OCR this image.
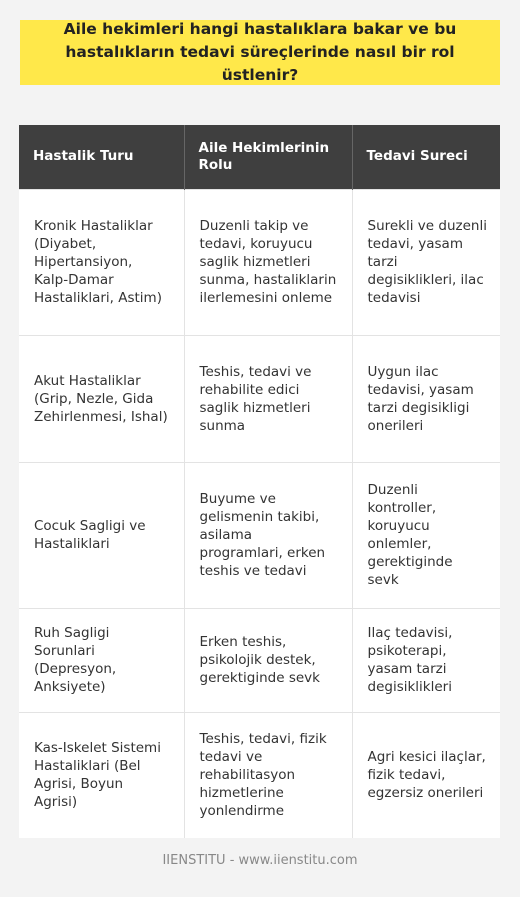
Aile hekimleri hangi hastalıklara bakar ve bu hastalıkların tedavi süreçlerinde nasıl bir rol üstlenir?
Hastalik Turu	Aile Hekimlerinin Rolu	Tedavi Sureci
Kronik Hastaliklar (Diyabet, Hipertansiyon, Kalp-Damar Hastaliklari, Astim)	Duzenli takip ve tedavi, koruyucu saglik hizmetleri sunma, hastaliklarin ilerlemesini onleme	Surekli ve duzenli tedavi, yasam tarzi degisiklikleri, ilac tedavisi
Akut Hastaliklar (Grip, Nezle, Gida Zehirlenmesi, Ishal)	Teshis, tedavi ve rehabilite edici saglik hizmetleri sunma	Uygun ilac tedavisi, yasam tarzi degisikligi onerileri
Cocuk Sagligi ve Hastaliklari	Buyume ve gelismenin takibi, asilama programlari, erken teshis ve tedavi	Duzenli kontroller, koruyucu onlemler, gerektiginde sevk
Ruh Sagligi Sorunlari (Depresyon, Anksiyete)	Erken teshis, psikolojik destek, gerektiginde sevk	Ilaç tedavisi, psikoterapi, yasam tarzi degisiklikleri
Kas-Iskelet Sistemi Hastaliklari (Bel Agrisi, Boyun Agrisi)	Teshis, tedavi, fizik tedavi ve rehabilitasyon hizmetlerine yonlendirme	Agri kesici ilaçlar, fizik tedavi, egzersiz onerileri
IIENSTITU - www.iienstitu.com
